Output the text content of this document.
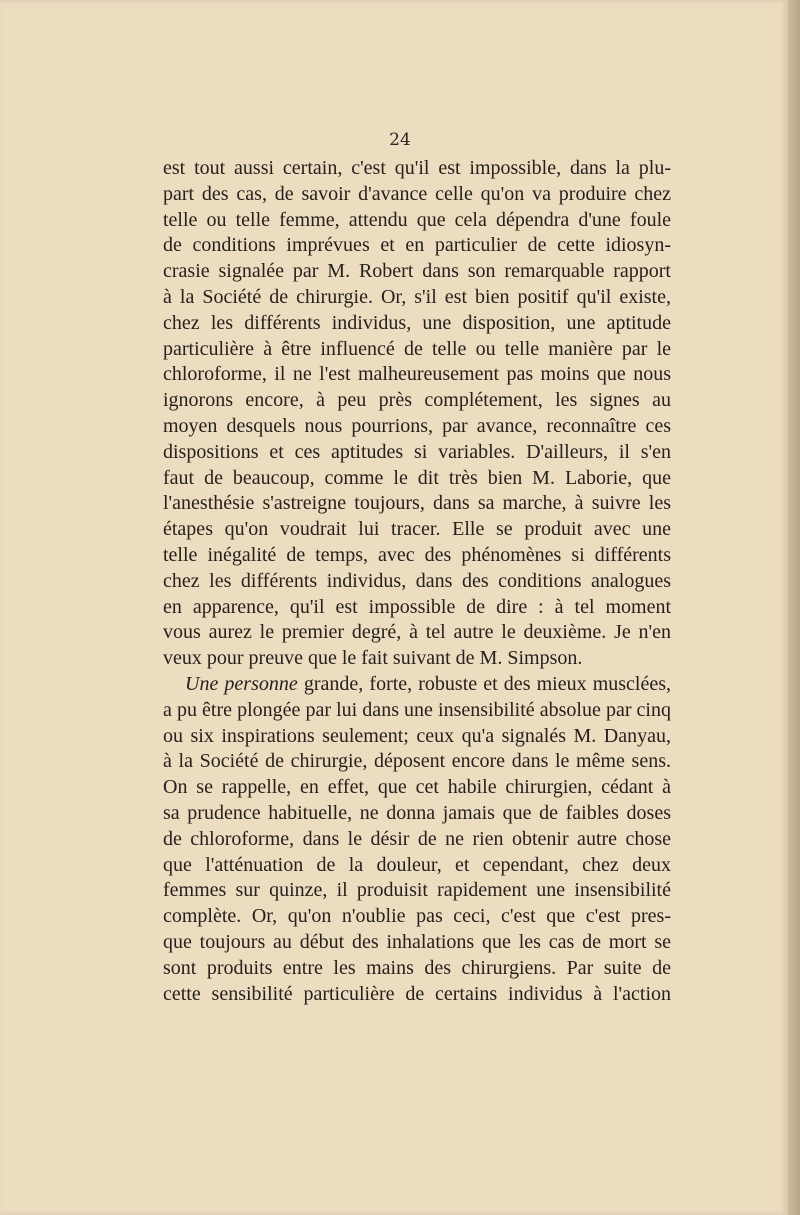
24
est tout aussi certain, c'est qu'il est impossible, dans la plu-
part des cas, de savoir d'avance celle qu'on va produire chez
telle ou telle femme, attendu que cela dépendra d'une foule
de conditions imprévues et en particulier de cette idiosyn-
crasie signalée par M. Robert dans son remarquable rapport
à la Société de chirurgie. Or, s'il est bien positif qu'il existe,
chez les différents individus, une disposition, une aptitude
particulière à être influencé de telle ou telle manière par le
chloroforme, il ne l'est malheureusement pas moins que nous
ignorons encore, à peu près complétement, les signes au
moyen desquels nous pourrions, par avance, reconnaître ces
dispositions et ces aptitudes si variables. D'ailleurs, il s'en
faut de beaucoup, comme le dit très bien M. Laborie, que
l'anesthésie s'astreigne toujours, dans sa marche, à suivre les
étapes qu'on voudrait lui tracer. Elle se produit avec une
telle inégalité de temps, avec des phénomènes si différents
chez les différents individus, dans des conditions analogues
en apparence, qu'il est impossible de dire : à tel moment
vous aurez le premier degré, à tel autre le deuxième. Je n'en
veux pour preuve que le fait suivant de M. Simpson.
Une personne grande, forte, robuste et des mieux musclées,
a pu être plongée par lui dans une insensibilité absolue par cinq
ou six inspirations seulement; ceux qu'a signalés M. Danyau,
à la Société de chirurgie, déposent encore dans le même sens.
On se rappelle, en effet, que cet habile chirurgien, cédant à
sa prudence habituelle, ne donna jamais que de faibles doses
de chloroforme, dans le désir de ne rien obtenir autre chose
que l'atténuation de la douleur, et cependant, chez deux
femmes sur quinze, il produisit rapidement une insensibilité
complète. Or, qu'on n'oublie pas ceci, c'est que c'est pres-
que toujours au début des inhalations que les cas de mort se
sont produits entre les mains des chirurgiens. Par suite de
cette sensibilité particulière de certains individus à l'action
